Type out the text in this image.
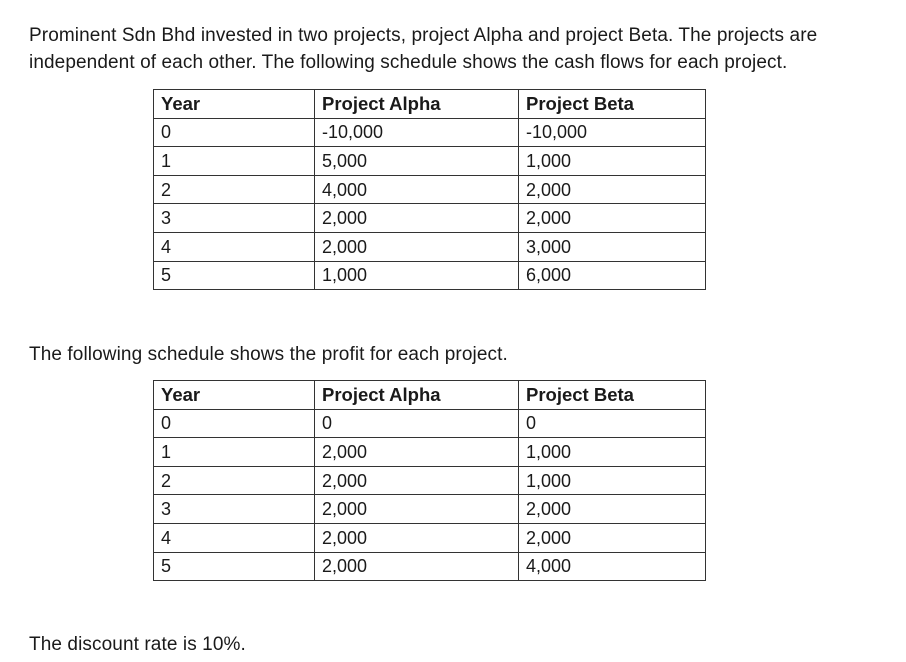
Prominent Sdn Bhd invested in two projects, project Alpha and project Beta. The projects are independent of each other. The following schedule shows the cash flows for each project.

Year	Project Alpha	Project Beta
0	-10,000	-10,000
1	5,000	1,000
2	4,000	2,000
3	2,000	2,000
4	2,000	3,000
5	1,000	6,000

The following schedule shows the profit for each project.

Year	Project Alpha	Project Beta
0	0	0
1	2,000	1,000
2	2,000	1,000
3	2,000	2,000
4	2,000	2,000
5	2,000	4,000

The discount rate is 10%.
